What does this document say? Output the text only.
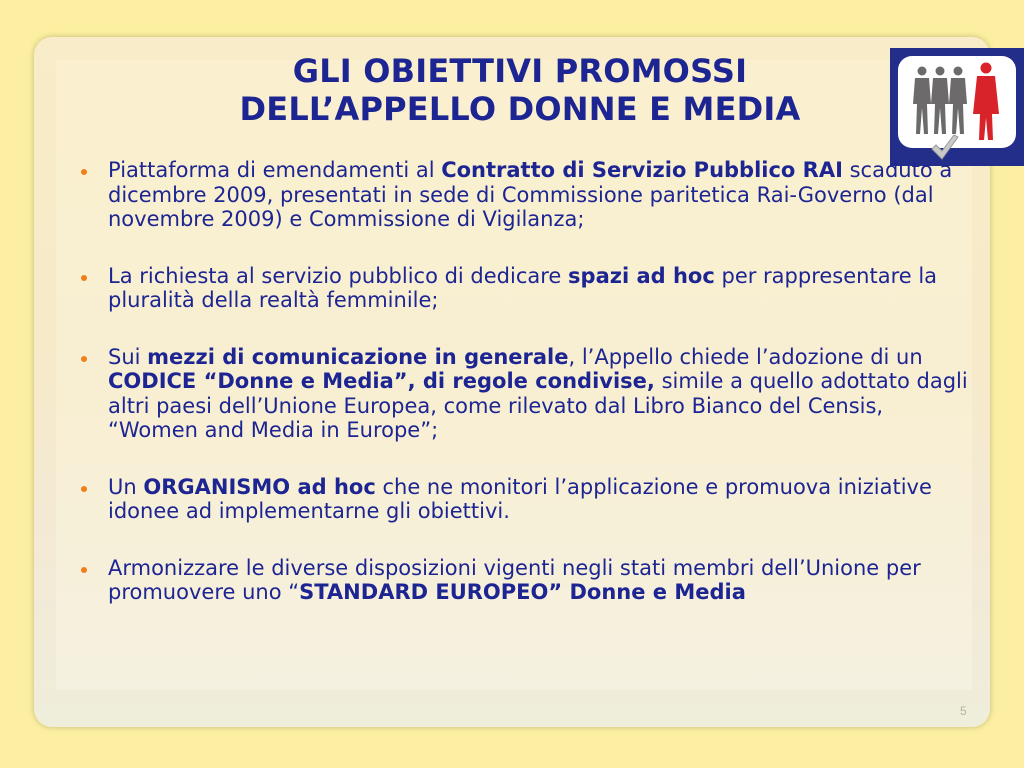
GLI OBIETTIVI PROMOSSI
DELL’APPELLO DONNE E MEDIA
Piattaforma di emendamenti al Contratto di Servizio Pubblico RAI scaduto a dicembre 2009, presentati in sede di Commissione paritetica Rai-Governo (dal novembre 2009) e Commissione di Vigilanza;
La richiesta al servizio pubblico di dedicare spazi ad hoc per rappresentare la pluralità della realtà femminile;
Sui mezzi di comunicazione in generale, l’Appello chiede l’adozione di un CODICE “Donne e Media”, di regole condivise, simile a quello adottato dagli altri paesi dell’Unione Europea, come rilevato dal Libro Bianco del Censis, “Women and Media in Europe”;
Un ORGANISMO ad hoc che ne monitori l’applicazione e promuova iniziative idonee ad implementarne gli obiettivi.
Armonizzare le diverse disposizioni vigenti negli stati membri dell’Unione per promuovere uno “STANDARD EUROPEO” Donne e Media
5
